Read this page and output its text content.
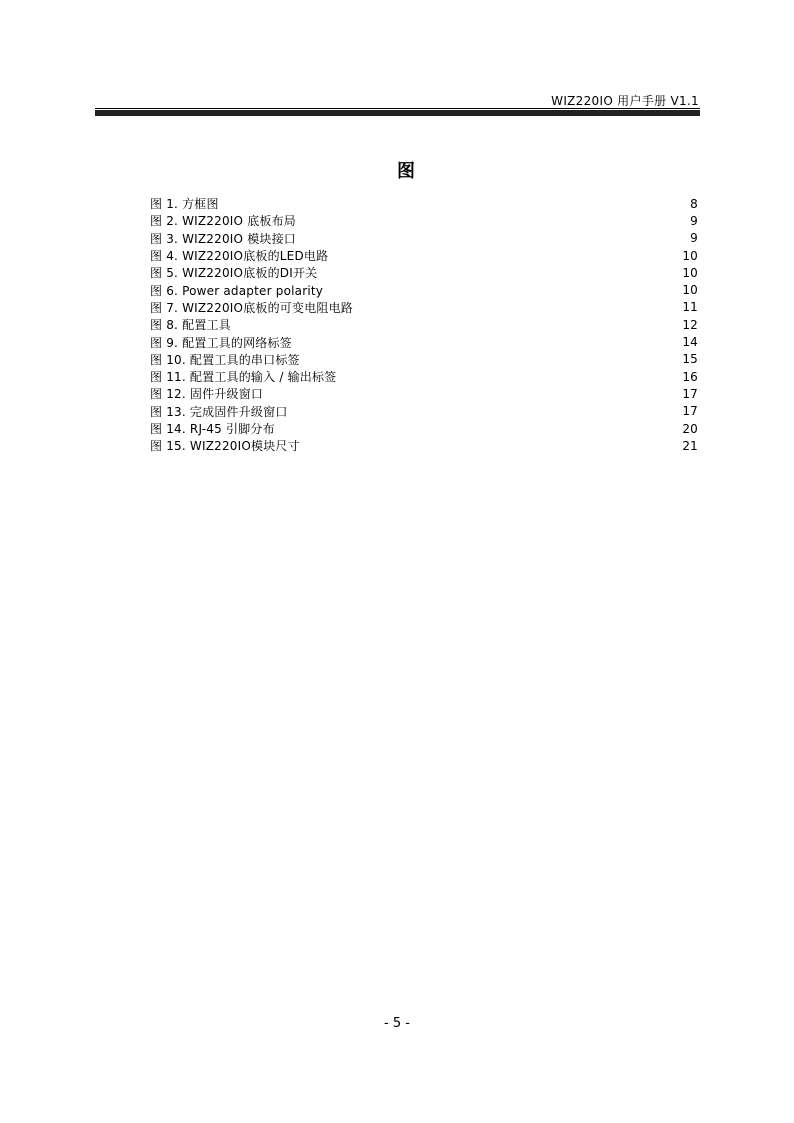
WIZ220IO 用户手册 V1.1
图
图 1. 方框图	8
图 2. WIZ220IO 底板布局	9
图 3. WIZ220IO 模块接口	9
图 4. WIZ220IO底板的LED电路	10
图 5. WIZ220IO底板的DI开关	10
图 6. Power adapter polarity	10
图 7. WIZ220IO底板的可变电阻电路	11
图 8. 配置工具	12
图 9. 配置工具的网络标签	14
图 10. 配置工具的串口标签	15
图 11. 配置工具的输入 / 输出标签	16
图 12. 固件升级窗口	17
图 13. 完成固件升级窗口	17
图 14. RJ-45 引脚分布	20
图 15. WIZ220IO模块尺寸	21
- 5 -
